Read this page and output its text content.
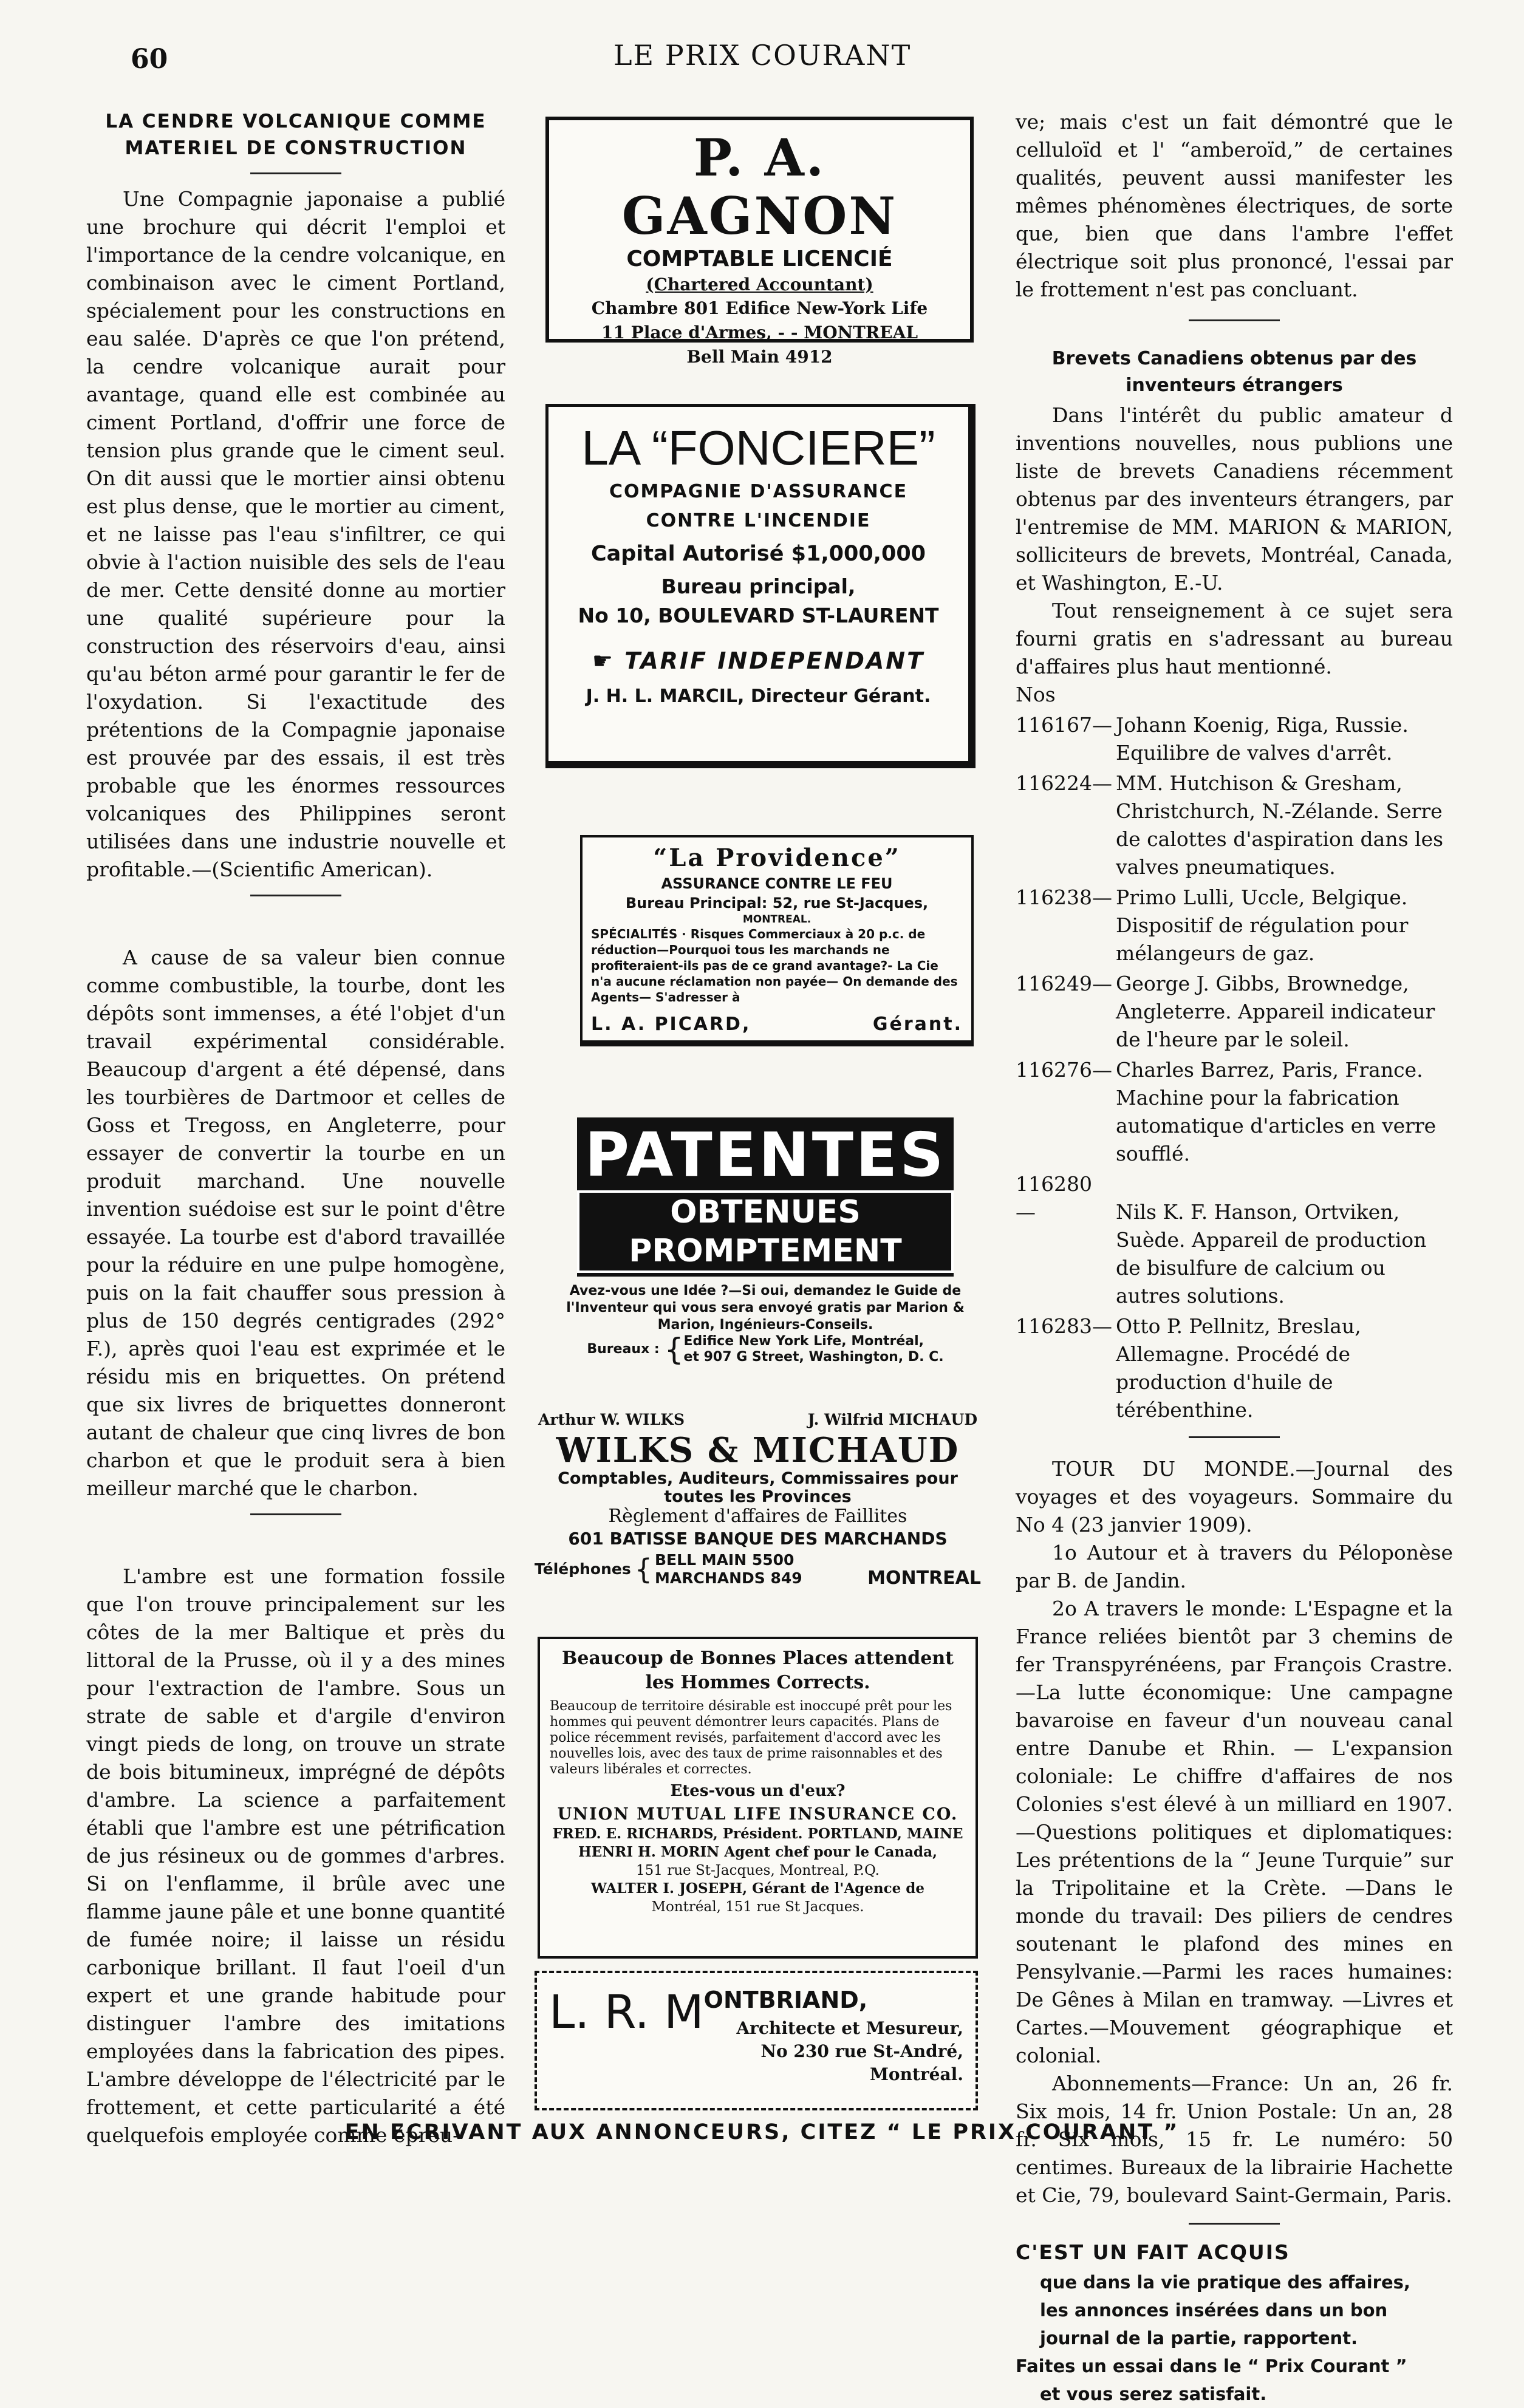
60	LE PRIX COURANT

LA CENDRE VOLCANIQUE COMME MATERIEL DE CONSTRUCTION

Une Compagnie japonaise a publié une brochure qui décrit l'emploi et l'importance de la cendre volcanique, en combinaison avec le ciment Portland, spécialement pour les constructions en eau salée. D'après ce que l'on prétend, la cendre volcanique aurait pour avantage, quand elle est combinée au ciment Portland, d'offrir une force de tension plus grande que le ciment seul. On dit aussi que le mortier ainsi obtenu est plus dense, que le mortier au ciment, et ne laisse pas l'eau s'infiltrer, ce qui obvie à l'action nuisible des sels de l'eau de mer. Cette densité donne au mortier une qualité supérieure pour la construction des réservoirs d'eau, ainsi qu'au béton armé pour garantir le fer de l'oxydation. Si l'exactitude des prétentions de la Compagnie japonaise est prouvée par des essais, il est très probable que les énormes ressources volcaniques des Philippines seront utilisées dans une industrie nouvelle et profitable.—(Scientific American).

A cause de sa valeur bien connue comme combustible, la tourbe, dont les dépôts sont immenses, a été l'objet d'un travail expérimental considérable. Beaucoup d'argent a été dépensé, dans les tourbières de Dartmoor et celles de Goss et Tregoss, en Angleterre, pour essayer de convertir la tourbe en un produit marchand. Une nouvelle invention suédoise est sur le point d'être essayée. La tourbe est d'abord travaillée pour la réduire en une pulpe homogène, puis on la fait chauffer sous pression à plus de 150 degrés centigrades (292° F.), après quoi l'eau est exprimée et le résidu mis en briquettes. On prétend que six livres de briquettes donneront autant de chaleur que cinq livres de bon charbon et que le produit sera à bien meilleur marché que le charbon.

L'ambre est une formation fossile que l'on trouve principalement sur les côtes de la mer Baltique et près du littoral de la Prusse, où il y a des mines pour l'extraction de l'ambre. Sous un strate de sable et d'argile d'environ vingt pieds de long, on trouve un strate de bois bitumineux, imprégné de dépôts d'ambre. La science a parfaitement établi que l'ambre est une pétrification de jus résineux ou de gommes d'arbres. Si on l'enflamme, il brûle avec une flamme jaune pâle et une bonne quantité de fumée noire; il laisse un résidu carbonique brillant. Il faut l'oeil d'un expert et une grande habitude pour distinguer l'ambre des imitations employées dans la fabrication des pipes. L'ambre développe de l'électricité par le frottement, et cette particularité a été quelquefois employée comme épreu-

P. A. GAGNON
COMPTABLE LICENCIÉ
(Chartered Accountant)
Chambre 801 Edifice New-York Life
11 Place d'Armes, - - MONTREAL
Bell Main 4912
LA “FONCIERE”
COMPAGNIE D'ASSURANCE
CONTRE L'INCENDIE
Capital Autorisé $1,000,000
Bureau principal,
No 10, BOULEVARD ST-LAURENT
☛ TARIF INDEPENDANT
J. H. L. MARCIL, Directeur Gérant.
“La Providence”
ASSURANCE CONTRE LE FEU
Bureau Principal: 52, rue St-Jacques,
MONTREAL.
SPÉCIALITÉS · Risques Commerciaux à 20 p.c. de réduction—Pourquoi tous les marchands ne profiteraient-ils pas de ce grand avantage?- La Cie n'a aucune réclamation non payée— On demande des Agents— S'adresser à
L. A. PICARD,	Gérant.
PATENTES
OBTENUES PROMPTEMENT
Avez-vous une Idée ?—Si oui, demandez le Guide de l'Inventeur qui vous sera envoyé gratis par Marion & Marion, Ingénieurs-Conseils.
Bureaux : { Edifice New York Life, Montréal,
et 907 G Street, Washington, D. C.
Arthur W. WILKS	J. Wilfrid MICHAUD
WILKS & MICHAUD
Comptables, Auditeurs, Commissaires pour toutes les Provinces
Règlement d'affaires de Faillites
601 BATISSE BANQUE DES MARCHANDS
Téléphones { BELL MAIN 5500
MARCHANDS 849	MONTREAL
Beaucoup de Bonnes Places attendent les Hommes Corrects.
Beaucoup de territoire désirable est inoccupé prêt pour les hommes qui peuvent démontrer leurs capacités. Plans de police récemment revisés, parfaitement d'accord avec les nouvelles lois, avec des taux de prime raisonnables et des valeurs libérales et correctes.
Etes-vous un d'eux?
UNION MUTUAL LIFE INSURANCE CO.
FRED. E. RICHARDS, Président. PORTLAND, MAINE
HENRI H. MORIN Agent chef pour le Canada,
151 rue St-Jacques, Montreal, P.Q.
WALTER I. JOSEPH, Gérant de l'Agence de
Montréal, 151 rue St Jacques.
L. R. $M^{ONTBRIAND,}$
Architecte et Mesureur,
No 230 rue St-André,
Montréal.

ve; mais c'est un fait démontré que le celluloïd et l' “amberoïd,” de certaines qualités, peuvent aussi manifester les mêmes phénomènes électriques, de sorte que, bien que dans l'ambre l'effet électrique soit plus prononcé, l'essai par le frottement n'est pas concluant.

Brevets Canadiens obtenus par des inventeurs étrangers

Dans l'intérêt du public amateur d inventions nouvelles, nous publions une liste de brevets Canadiens récemment obtenus par des inventeurs étrangers, par l'entremise de MM. MARION & MARION, solliciteurs de brevets, Montréal, Canada, et Washington, E.-U.

Tout renseignement à ce sujet sera fourni gratis en s'adressant au bureau d'affaires plus haut mentionné.

Nos

116167— Johann Koenig, Riga, Russie. Equilibre de valves d'arrêt.

116224— MM. Hutchison & Gresham, Christchurch, N.-Zélande. Serre de calottes d'aspiration dans les valves pneumatiques.

116238— Primo Lulli, Uccle, Belgique. Dispositif de régulation pour mélangeurs de gaz.

116249— George J. Gibbs, Brownedge, Angleterre. Appareil indicateur de l'heure par le soleil.

116276— Charles Barrez, Paris, France. Machine pour la fabrication automatique d'articles en verre soufflé.

116280 —	Nils K. F. Hanson, Ortviken, Suède. Appareil de production de bisulfure de calcium ou autres solutions.

116283— Otto P. Pellnitz, Breslau, Allemagne. Procédé de production d'huile de térébenthine.

TOUR DU MONDE.—Journal des voyages et des voyageurs. Sommaire du No 4 (23 janvier 1909).

1o Autour et à travers du Péloponèse par B. de Jandin.

2o A travers le monde: L'Espagne et la France reliées bientôt par 3 chemins de fer Transpyrénéens, par François Crastre.—La lutte économique: Une campagne bavaroise en faveur d'un nouveau canal entre Danube et Rhin. — L'expansion coloniale: Le chiffre d'affaires de nos Colonies s'est élevé à un milliard en 1907.—Questions politiques et diplomatiques: Les prétentions de la “ Jeune Turquie” sur la Tripolitaine et la Crète. —Dans le monde du travail: Des piliers de cendres soutenant le plafond des mines en Pensylvanie.—Parmi les races humaines: De Gênes à Milan en tramway. —Livres et Cartes.—Mouvement géographique et colonial.

Abonnements—France: Un an, 26 fr. Six mois, 14 fr. Union Postale: Un an, 28 fr. Six mois, 15 fr. Le numéro: 50 centimes. Bureaux de la librairie Hachette et Cie, 79, boulevard Saint-Germain, Paris.

C'EST UN FAIT ACQUIS
que dans la vie pratique des affaires,
les annonces insérées dans un bon
journal de la partie, rapportent.
Faites un essai dans le “ Prix Courant ”
et vous serez satisfait.
EN ECRIVANT AUX ANNONCEURS, CITEZ “ LE PRIX COURANT ”
